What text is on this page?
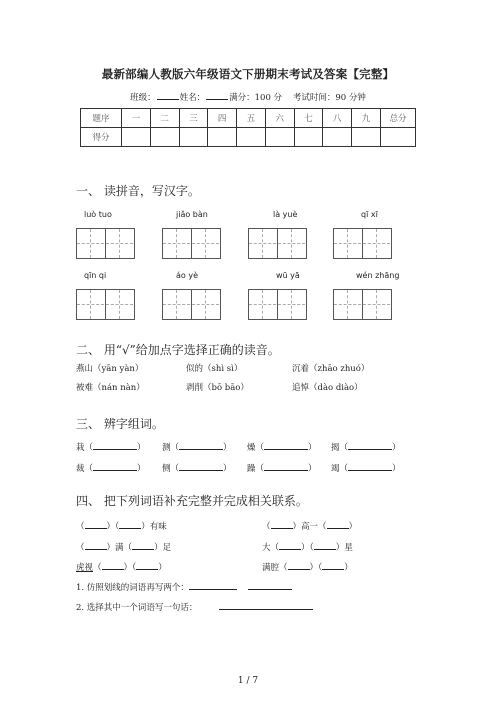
最新部编人教版六年级语文下册期末考试及答案【完整】
班级：	姓名：	满分：100 分 考试时间：90 分钟
题序	一	二	三	四	五	六	七	八	九	总分
得分										
一、 读拼音，写汉字。
luò tuo	jiǎo bàn	là yuè	qī xī
qīn qi	áo yè	wū yā	wén zhāng
二、 用“√”给加点字选择正确的读音。
燕山（yān yàn）	似的（shì sì）	沉着（zhāo zhuó）
被难（nán nàn）	剥削（bō bāo）	追悼（dào diào）
三、 辨字组词。
栽（	） 测（	） 燥（	） 揭（	）
裁（	） 侧（	） 躁（	） 竭（	）
四、 把下列词语补充完整并完成相关联系。
（	）（	）有味	（	）高一（	）
（	）满（	）足	大（	）（	）星
虎视（	）（	）	满腔（	）（	）
1. 仿照划线的词语再写两个：
2. 选择其中一个词语写一句话：
1 / 7
